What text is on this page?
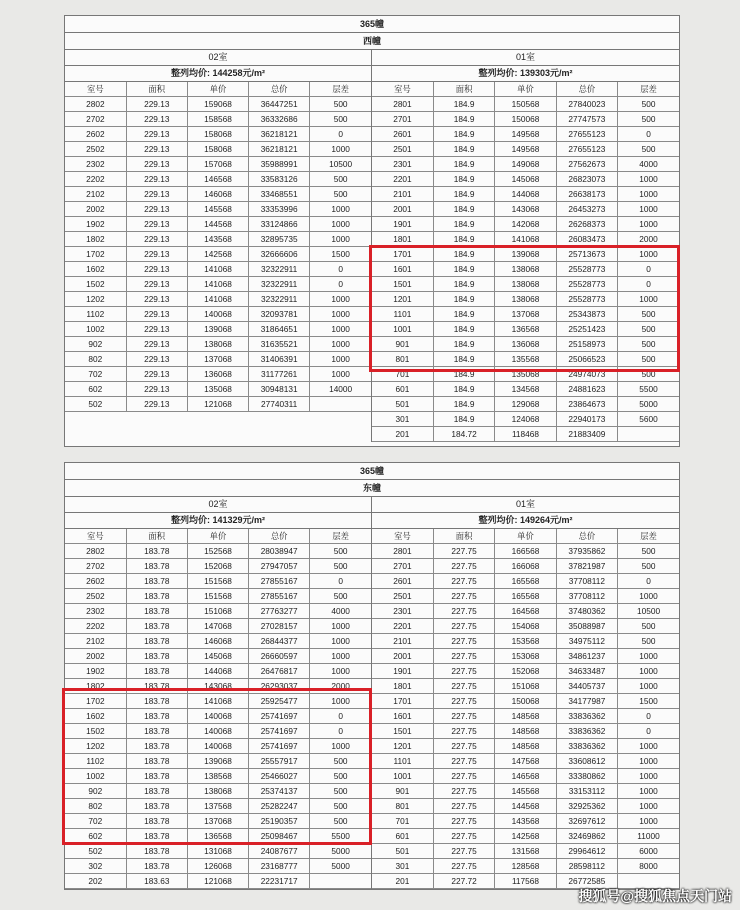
365幢
西幢
02室
整列均价: 144258元/m²
室号	面积	单价	总价	层差
2802	229.13	159068	36447251	500
2702	229.13	158568	36332686	500
2602	229.13	158068	36218121	0
2502	229.13	158068	36218121	1000
2302	229.13	157068	35988991	10500
2202	229.13	146568	33583126	500
2102	229.13	146068	33468551	500
2002	229.13	145568	33353996	1000
1902	229.13	144568	33124866	1000
1802	229.13	143568	32895735	1000
1702	229.13	142568	32666606	1500
1602	229.13	141068	32322911	0
1502	229.13	141068	32322911	0
1202	229.13	141068	32322911	1000
1102	229.13	140068	32093781	1000
1002	229.13	139068	31864651	1000
902	229.13	138068	31635521	1000
802	229.13	137068	31406391	1000
702	229.13	136068	31177261	1000
602	229.13	135068	30948131	14000
502	229.13	121068	27740311	
01室
整列均价: 139303元/m²
室号	面积	单价	总价	层差
2801	184.9	150568	27840023	500
2701	184.9	150068	27747573	500
2601	184.9	149568	27655123	0
2501	184.9	149568	27655123	500
2301	184.9	149068	27562673	4000
2201	184.9	145068	26823073	1000
2101	184.9	144068	26638173	1000
2001	184.9	143068	26453273	1000
1901	184.9	142068	26268373	1000
1801	184.9	141068	26083473	2000
1701	184.9	139068	25713673	1000
1601	184.9	138068	25528773	0
1501	184.9	138068	25528773	0
1201	184.9	138068	25528773	1000
1101	184.9	137068	25343873	500
1001	184.9	136568	25251423	500
901	184.9	136068	25158973	500
801	184.9	135568	25066523	500
701	184.9	135068	24974073	500
601	184.9	134568	24881623	5500
501	184.9	129068	23864673	5000
301	184.9	124068	22940173	5600
201	184.72	118468	21883409	
365幢
东幢
02室
整列均价: 141329元/m²
室号	面积	单价	总价	层差
2802	183.78	152568	28038947	500
2702	183.78	152068	27947057	500
2602	183.78	151568	27855167	0
2502	183.78	151568	27855167	500
2302	183.78	151068	27763277	4000
2202	183.78	147068	27028157	1000
2102	183.78	146068	26844377	1000
2002	183.78	145068	26660597	1000
1902	183.78	144068	26476817	1000
1802	183.78	143068	26293037	2000
1702	183.78	141068	25925477	1000
1602	183.78	140068	25741697	0
1502	183.78	140068	25741697	0
1202	183.78	140068	25741697	1000
1102	183.78	139068	25557917	500
1002	183.78	138568	25466027	500
902	183.78	138068	25374137	500
802	183.78	137568	25282247	500
702	183.78	137068	25190357	500
602	183.78	136568	25098467	5500
502	183.78	131068	24087677	5000
302	183.78	126068	23168777	5000
202	183.63	121068	22231717	
01室
整列均价: 149264元/m²
室号	面积	单价	总价	层差
2801	227.75	166568	37935862	500
2701	227.75	166068	37821987	500
2601	227.75	165568	37708112	0
2501	227.75	165568	37708112	1000
2301	227.75	164568	37480362	10500
2201	227.75	154068	35088987	500
2101	227.75	153568	34975112	500
2001	227.75	153068	34861237	1000
1901	227.75	152068	34633487	1000
1801	227.75	151068	34405737	1000
1701	227.75	150068	34177987	1500
1601	227.75	148568	33836362	0
1501	227.75	148568	33836362	0
1201	227.75	148568	33836362	1000
1101	227.75	147568	33608612	1000
1001	227.75	146568	33380862	1000
901	227.75	145568	33153112	1000
801	227.75	144568	32925362	1000
701	227.75	143568	32697612	1000
601	227.75	142568	32469862	11000
501	227.75	131568	29964612	6000
301	227.75	128568	28598112	8000
201	227.72	117568	26772585	
搜狐号@搜狐焦点天门站
